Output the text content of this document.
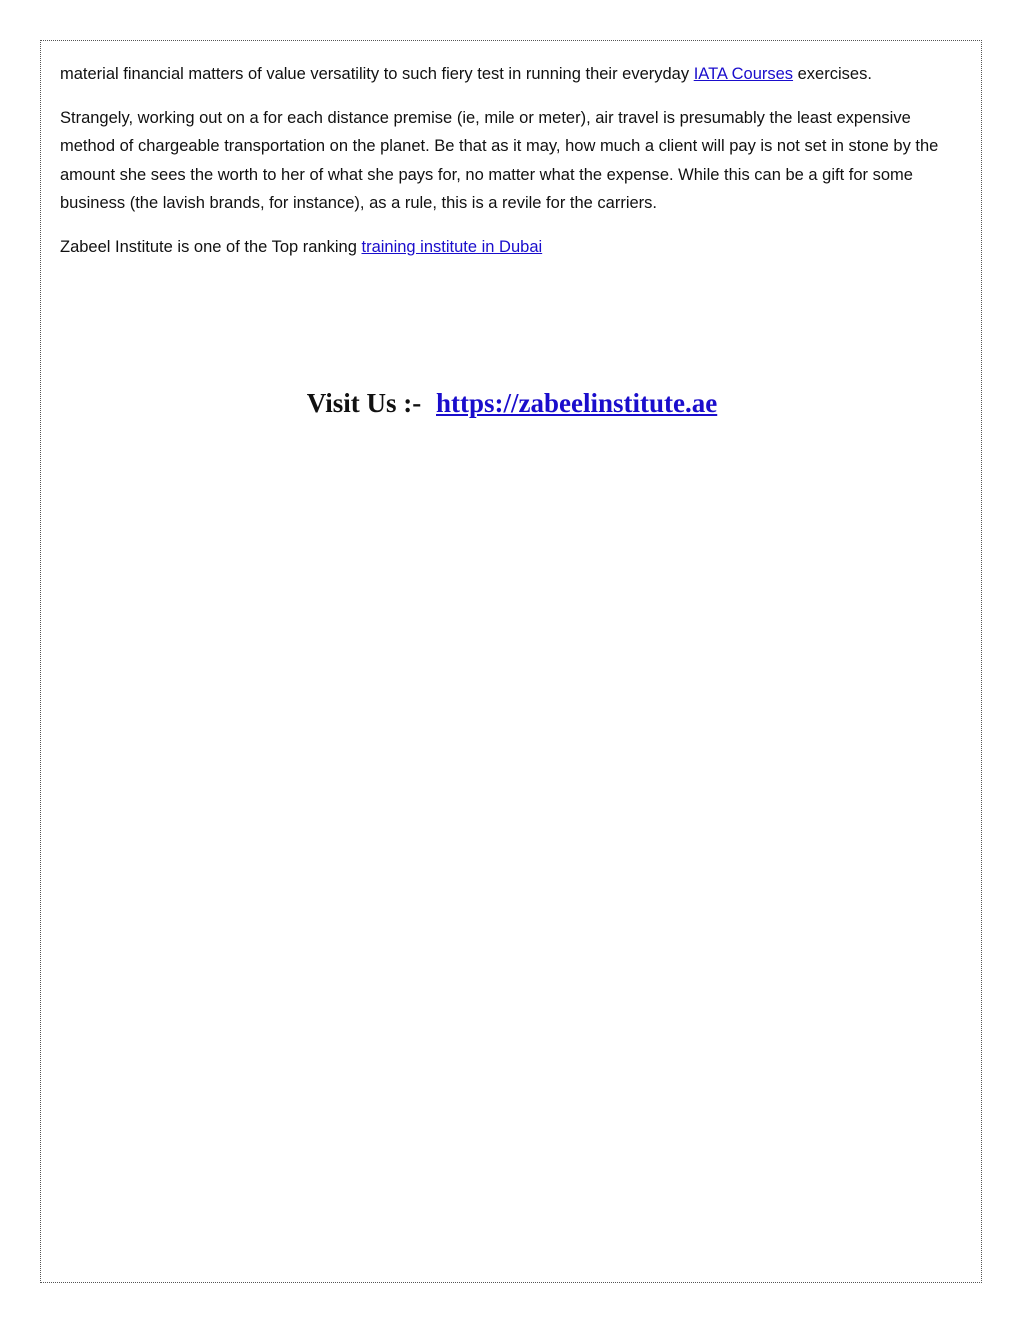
material financial matters of value versatility to such fiery test in running their everyday IATA Courses exercises.

Strangely, working out on a for each distance premise (ie, mile or meter), air travel is presumably the least expensive method of chargeable transportation on the planet. Be that as it may, how much a client will pay is not set in stone by the amount she sees the worth to her of what she pays for, no matter what the expense. While this can be a gift for some business (the lavish brands, for instance), as a rule, this is a revile for the carriers.

Zabeel Institute is one of the Top ranking training institute in Dubai

Visit Us :- https://zabeelinstitute.ae
